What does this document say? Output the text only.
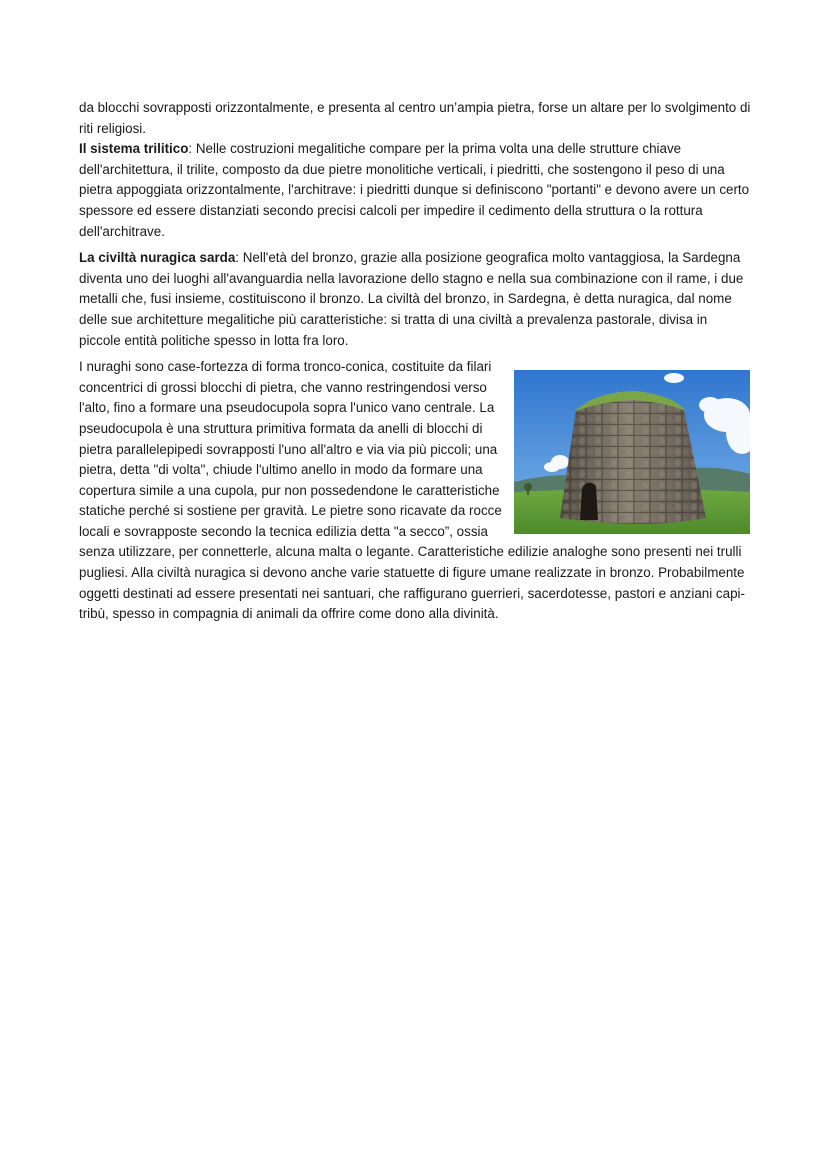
da blocchi sovrapposti orizzontalmente, e presenta al centro un’ampia pietra, forse un altare per lo svolgimento di riti religiosi.

Il sistema trilitico: Nelle costruzioni megalitiche compare per la prima volta una delle strutture chiave dell'architettura, il trilite, composto da due pietre monolitiche verticali, i piedritti, che sostengono il peso di una pietra appoggiata orizzontalmente, l'architrave: i piedritti dunque si definiscono "portanti" e devono avere un certo spessore ed essere distanziati secondo precisi calcoli per impedire il cedimento della struttura o la rottura dell'architrave.

La civiltà nuragica sarda: Nell'età del bronzo, grazie alla posizione geografica molto vantaggiosa, la Sardegna diventa uno dei luoghi all'avanguardia nella lavorazione dello stagno e nella sua combinazione con il rame, i due metalli che, fusi insieme, costituiscono il bronzo. La civiltà del bronzo, in Sardegna, è detta nuragica, dal nome delle sue architetture megalitiche più caratteristiche: si tratta di una civiltà a prevalenza pastorale, divisa in piccole entità politiche spesso in lotta fra loro.

I nuraghi sono case-fortezza di forma tronco-conica, costituite da filari concentrici di grossi blocchi di pietra, che vanno restringendosi verso l'alto, fino a formare una pseudocupola sopra l'unico vano centrale. La pseudocupola è una struttura primitiva formata da anelli di blocchi di pietra parallelepipedi sovrapposti l'uno all'altro e via via più piccoli; una pietra, detta "di volta", chiude l'ultimo anello in modo da formare una copertura simile a una cupola, pur non possedendone le caratteristiche statiche perché si sostiene per gravità. Le pietre sono ricavate da rocce locali e sovrapposte secondo la tecnica edilizia detta "a secco”, ossia senza utilizzare, per connetterle, alcuna malta o legante. Caratteristiche edilizie analoghe sono presenti nei trulli pugliesi. Alla civiltà nuragica si devono anche varie statuette di figure umane realizzate in bronzo. Probabilmente oggetti destinati ad essere presentati nei santuari, che raffigurano guerrieri, sacerdotesse, pastori e anziani capi-tribù, spesso in compagnia di animali da offrire come dono alla divinità.
